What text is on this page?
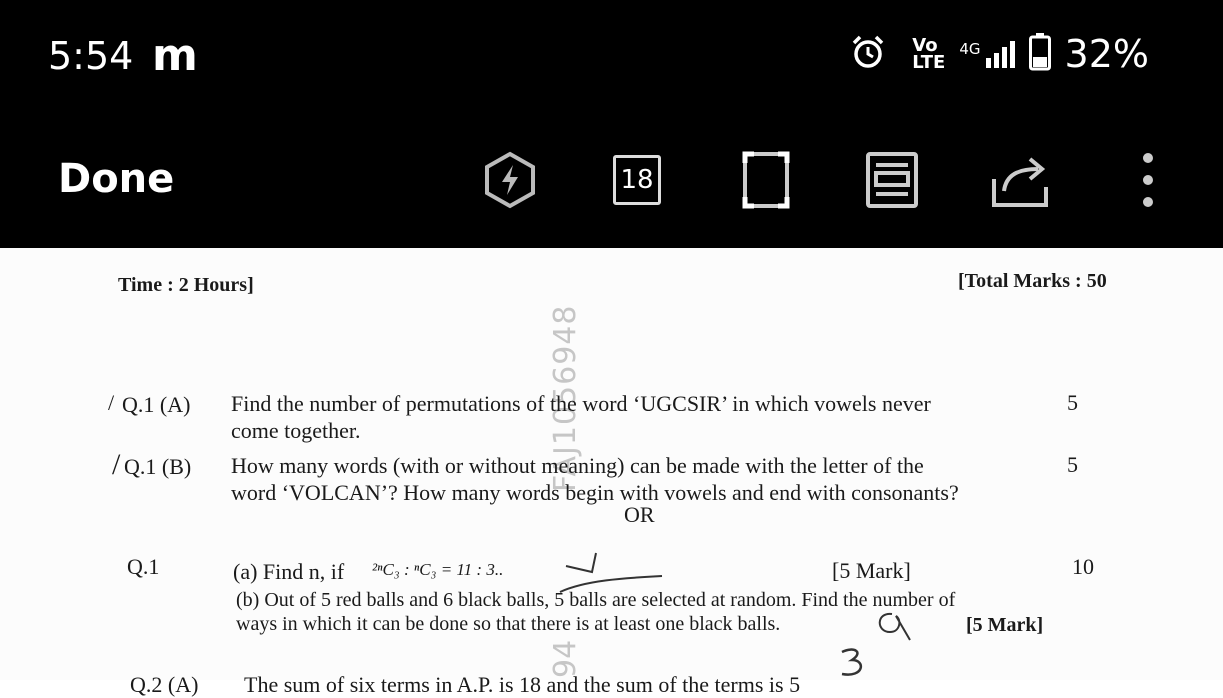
5:54 m	Vo
LTE
4G 32%
Done	18
FAJ1056948
94
Time : 2 Hours]	[Total Marks : 50
/ Q.1 (A) Find the number of permutations of the word ‘UGCSIR’ in which vowels never
come together.
5
/ Q.1 (B) How many words (with or without meaning) can be made with the letter of the
word ‘VOLCAN’? How many words begin with vowels and end with consonants?
5
OR
Q.1	(a) Find n, if ²ⁿC₃ : ⁿC₃ = 11 : 3..	[5 Mark]	10
(b) Out of 5 red balls and 6 black balls, 5 balls are selected at random. Find the number of
ways in which it can be done so that there is at least one black balls.	[5 Mark]
Q.2 (A) The sum of six terms in A.P. is 18 and the sum of the terms is 5
